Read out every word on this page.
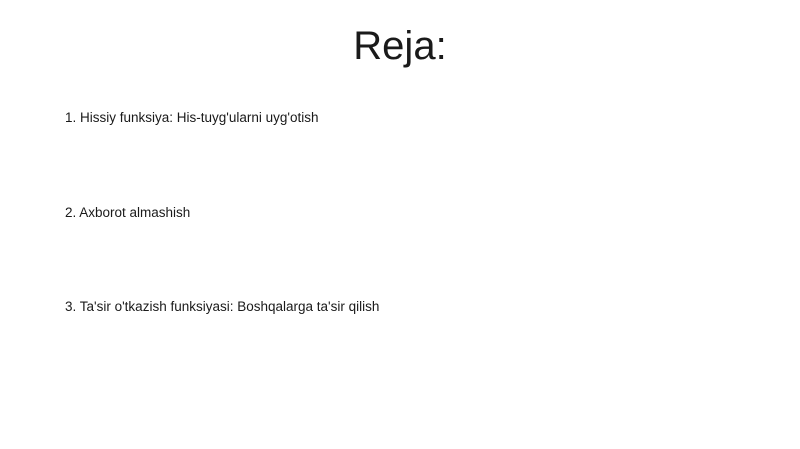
Reja:
1. Hissiy funksiya: His-tuyg'ularni uyg'otish
2. Axborot almashish
3. Ta'sir o'tkazish funksiyasi: Boshqalarga ta'sir qilish
